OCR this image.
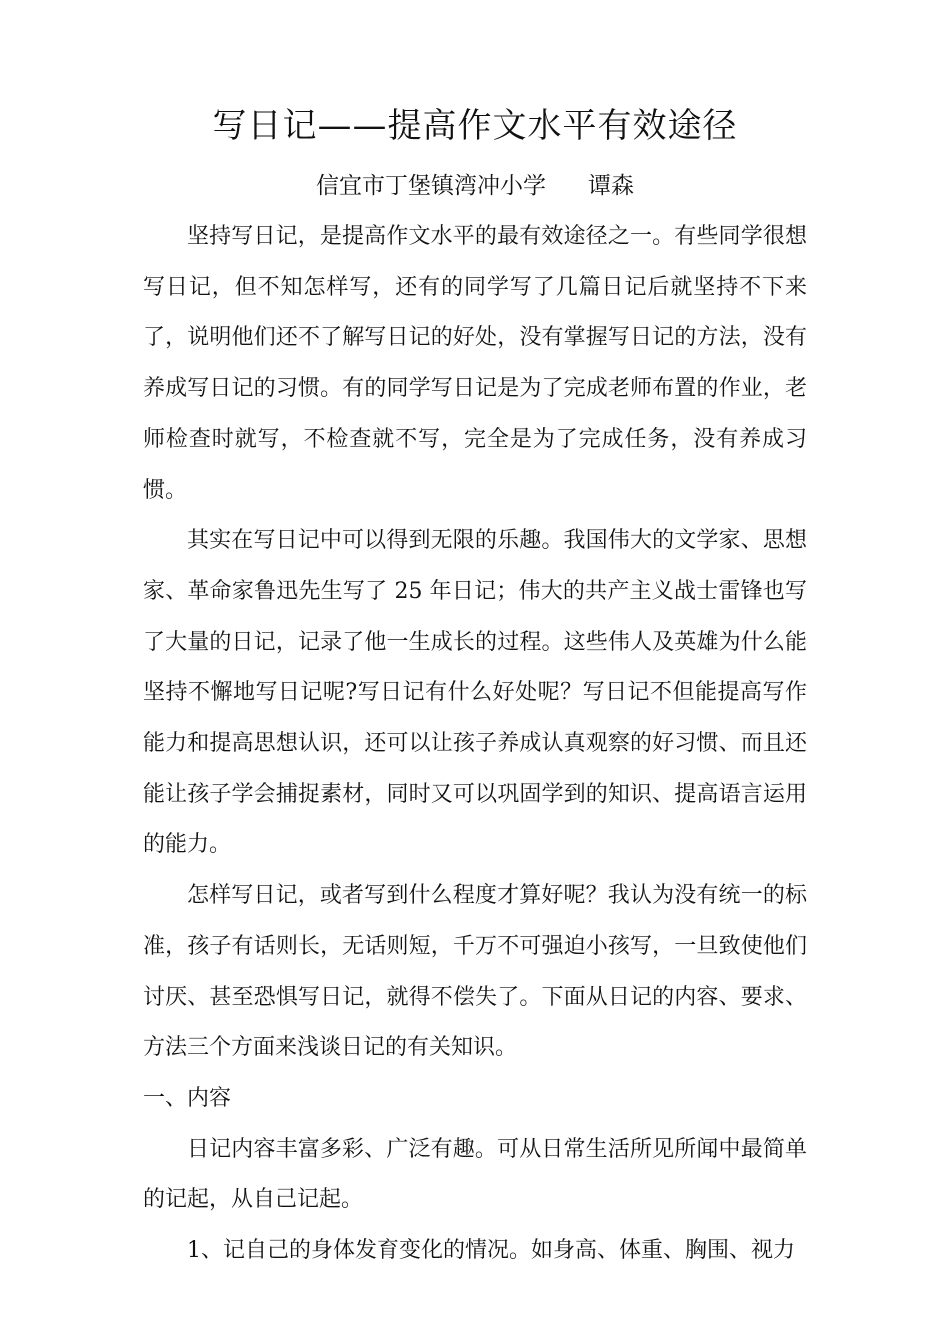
写日记——提高作文水平有效途径
信宜市丁堡镇湾冲小学 谭森

坚持写日记，是提高作文水平的最有效途径之一。有些同学很想写日记，但不知怎样写，还有的同学写了几篇日记后就坚持不下来了，说明他们还不了解写日记的好处，没有掌握写日记的方法，没有养成写日记的习惯。有的同学写日记是为了完成老师布置的作业，老师检查时就写，不检查就不写，完全是为了完成任务，没有养成习惯。

其实在写日记中可以得到无限的乐趣。我国伟大的文学家、思想家、革命家鲁迅先生写了 25 年日记；伟大的共产主义战士雷锋也写了大量的日记，记录了他一生成长的过程。这些伟人及英雄为什么能坚持不懈地写日记呢?写日记有什么好处呢？写日记不但能提高写作能力和提高思想认识，还可以让孩子养成认真观察的好习惯、而且还能让孩子学会捕捉素材，同时又可以巩固学到的知识、提高语言运用的能力。

怎样写日记，或者写到什么程度才算好呢？我认为没有统一的标准，孩子有话则长，无话则短，千万不可强迫小孩写，一旦致使他们讨厌、甚至恐惧写日记，就得不偿失了。下面从日记的内容、要求、方法三个方面来浅谈日记的有关知识。

一、内容

日记内容丰富多彩、广泛有趣。可从日常生活所见所闻中最简单的记起，从自己记起。

1、记自己的身体发育变化的情况。如身高、体重、胸围、视力
